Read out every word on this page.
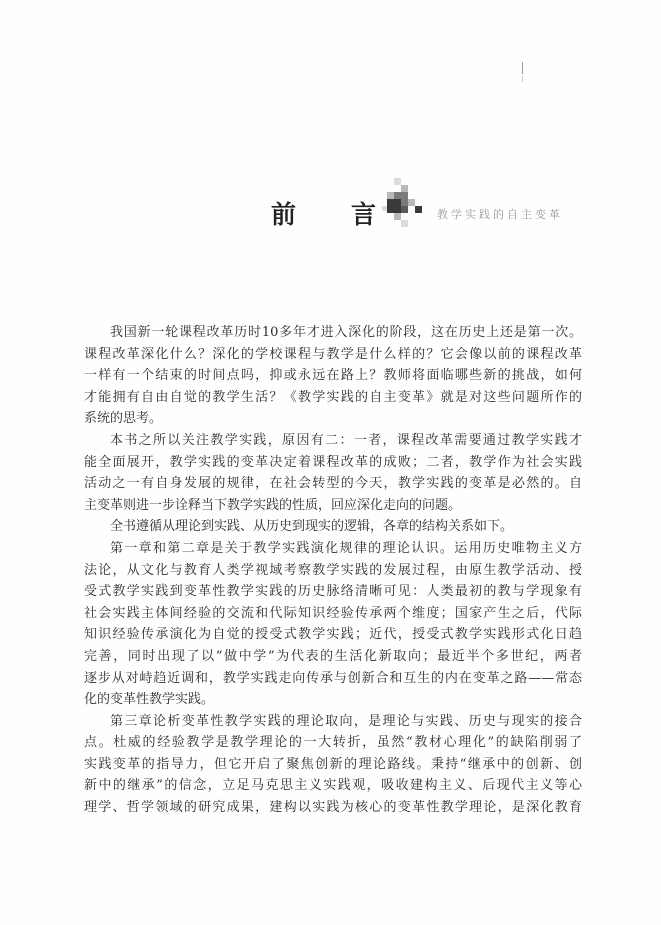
前 言	教学实践的自主变革
我国新一轮课程改革历时10多年才进入深化的阶段，这在历史上还是第一次。
课程改革深化什么？深化的学校课程与教学是什么样的？它会像以前的课程改革
一样有一个结束的时间点吗，抑或永远在路上？教师将面临哪些新的挑战，如何
才能拥有自由自觉的教学生活？《教学实践的自主变革》就是对这些问题所作的
系统的思考。
本书之所以关注教学实践，原因有二：一者，课程改革需要通过教学实践才
能全面展开，教学实践的变革决定着课程改革的成败；二者，教学作为社会实践
活动之一有自身发展的规律，在社会转型的今天，教学实践的变革是必然的。自
主变革则进一步诠释当下教学实践的性质，回应深化走向的问题。
全书遵循从理论到实践、从历史到现实的逻辑，各章的结构关系如下。
第一章和第二章是关于教学实践演化规律的理论认识。运用历史唯物主义方
法论，从文化与教育人类学视域考察教学实践的发展过程，由原生教学活动、授
受式教学实践到变革性教学实践的历史脉络清晰可见：人类最初的教与学现象有
社会实践主体间经验的交流和代际知识经验传承两个维度；国家产生之后，代际
知识经验传承演化为自觉的授受式教学实践；近代，授受式教学实践形式化日趋
完善，同时出现了以“做中学”为代表的生活化新取向；最近半个多世纪，两者
逐步从对峙趋近调和，教学实践走向传承与创新合和互生的内在变革之路——常态
化的变革性教学实践。
第三章论析变革性教学实践的理论取向，是理论与实践、历史与现实的接合
点。杜威的经验教学是教学理论的一大转折，虽然“教材心理化”的缺陷削弱了
实践变革的指导力，但它开启了聚焦创新的理论路线。秉持“继承中的创新、创
新中的继承”的信念，立足马克思主义实践观，吸收建构主义、后现代主义等心
理学、哲学领域的研究成果，建构以实践为核心的变革性教学理论，是深化教育
